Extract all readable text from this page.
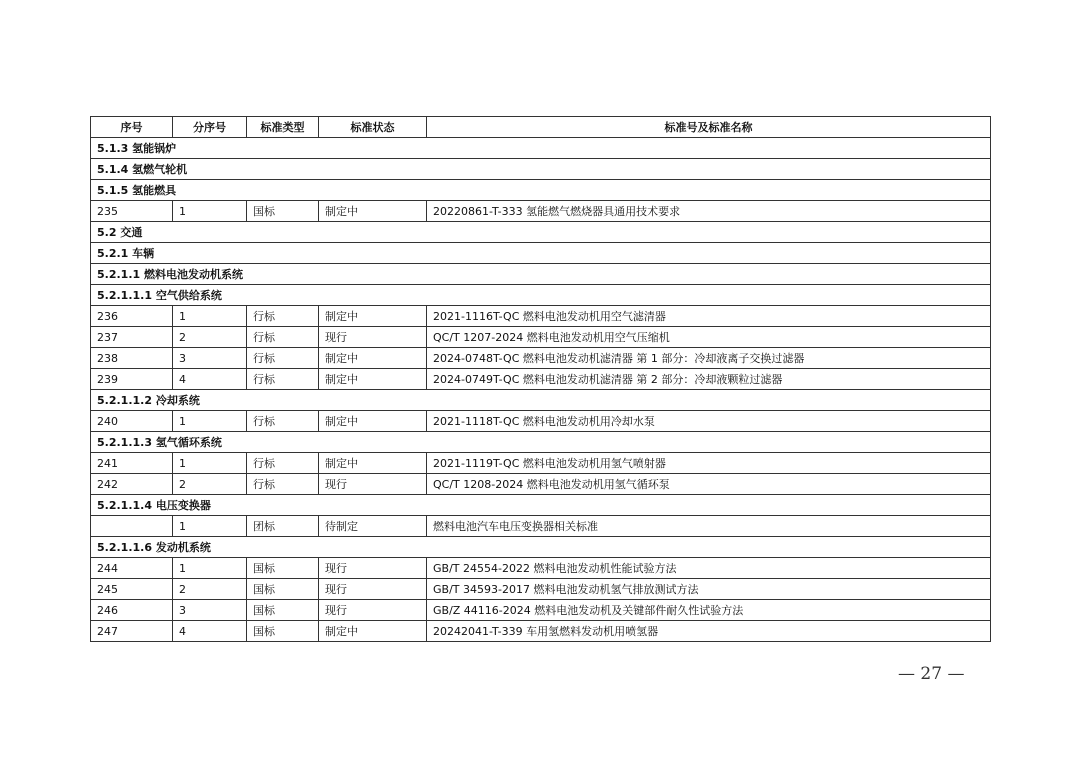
序号	分序号	标准类型	标准状态	标准号及标准名称
5.1.3 氢能锅炉				
5.1.4 氢燃气轮机				
5.1.5 氢能燃具				
235	1	国标	制定中	20220861-T-333 氢能燃气燃烧器具通用技术要求
5.2 交通				
5.2.1 车辆				
5.2.1.1 燃料电池发动机系统				
5.2.1.1.1 空气供给系统				
236	1	行标	制定中	2021-1116T-QC 燃料电池发动机用空气滤清器
237	2	行标	现行	QC/T 1207-2024 燃料电池发动机用空气压缩机
238	3	行标	制定中	2024-0748T-QC 燃料电池发动机滤清器 第 1 部分：冷却液离子交换过滤器
239	4	行标	制定中	2024-0749T-QC 燃料电池发动机滤清器 第 2 部分：冷却液颗粒过滤器
5.2.1.1.2 冷却系统				
240	1	行标	制定中	2021-1118T-QC 燃料电池发动机用冷却水泵
5.2.1.1.3 氢气循环系统				
241	1	行标	制定中	2021-1119T-QC 燃料电池发动机用氢气喷射器
242	2	行标	现行	QC/T 1208-2024 燃料电池发动机用氢气循环泵
5.2.1.1.4 电压变换器				
	1	团标	待制定	燃料电池汽车电压变换器相关标准
5.2.1.1.6 发动机系统				
244	1	国标	现行	GB/T 24554-2022 燃料电池发动机性能试验方法
245	2	国标	现行	GB/T 34593-2017 燃料电池发动机氢气排放测试方法
246	3	国标	现行	GB/Z 44116-2024 燃料电池发动机及关键部件耐久性试验方法
247	4	国标	制定中	20242041-T-339 车用氢燃料发动机用喷氢器
— 27 —
